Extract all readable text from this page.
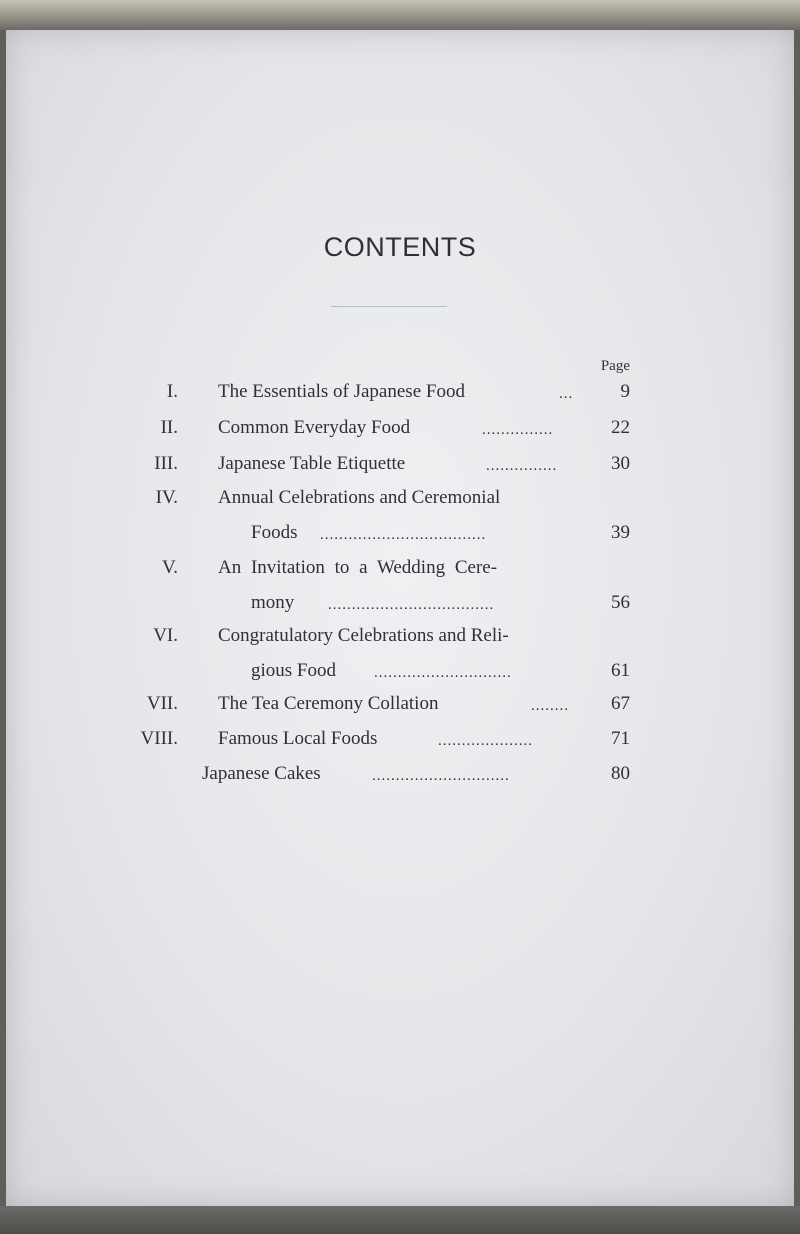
CONTENTS
Page
I. The Essentials of Japanese Food	...	9
II. Common Everyday Food	...............	22
III. Japanese Table Etiquette	...............	30
IV. Annual Celebrations and Ceremonial
Foods ...................................	39
V. An Invitation to a Wedding Cere-
mony ...................................	56
VI. Congratulatory Celebrations and Reli-
gious Food	.............................	61
VII. The Tea Ceremony Collation	........	67
VIII. Famous Local Foods	....................	71
Japanese Cakes	.............................	80
